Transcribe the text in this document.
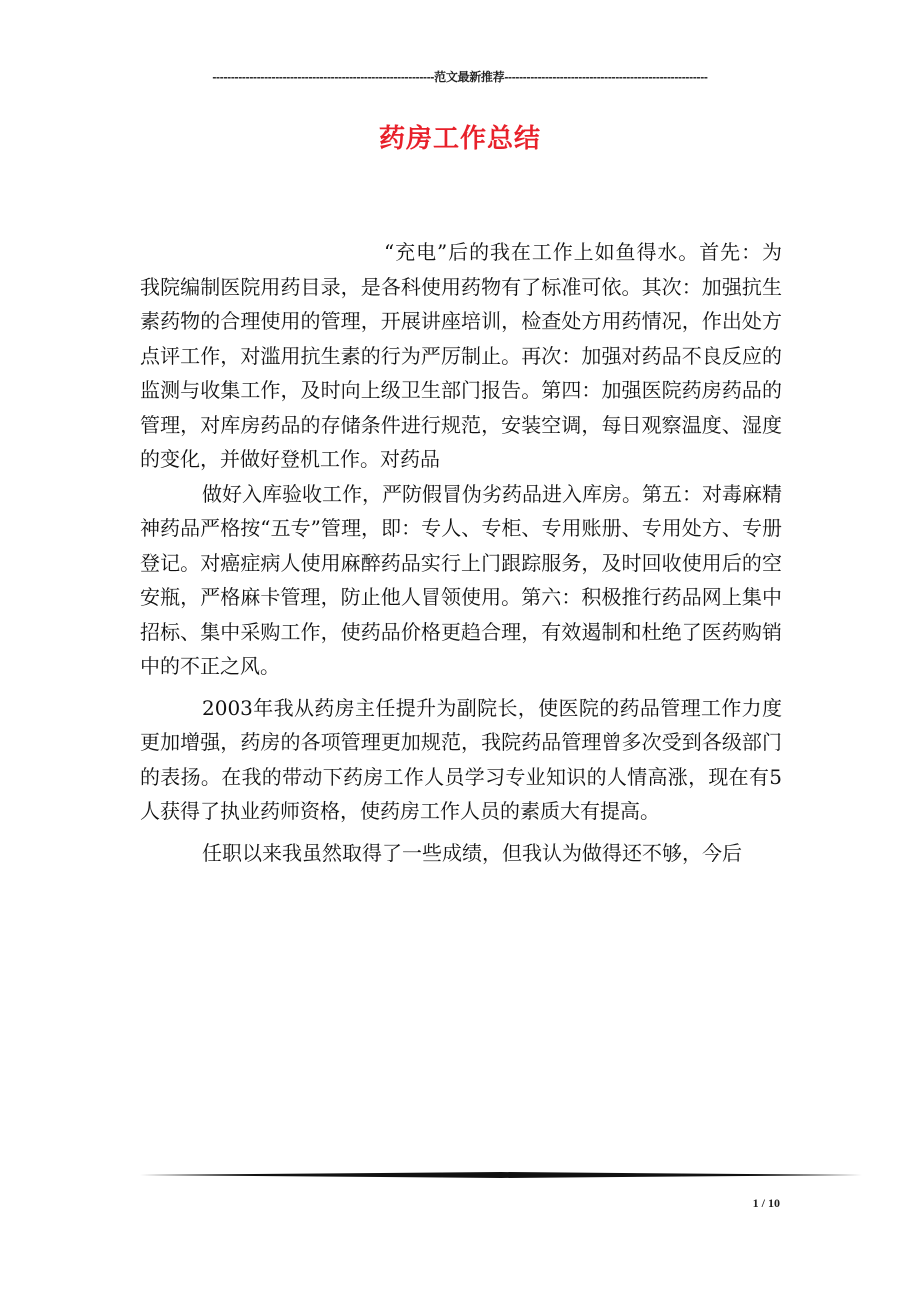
------------------------------------------------------------范文最新推荐-------------------------------------------------------
药房工作总结

“充电”后的我在工作上如鱼得水。首先：为我院编制医院用药目录，是各科使用药物有了标准可依。其次：加强抗生素药物的合理使用的管理，开展讲座培训，检查处方用药情况，作出处方点评工作，对滥用抗生素的行为严厉制止。再次：加强对药品不良反应的监测与收集工作，及时向上级卫生部门报告。第四：加强医院药房药品的管理，对库房药品的存储条件进行规范，安装空调，每日观察温度、湿度的变化，并做好登机工作。对药品

做好入库验收工作，严防假冒伪劣药品进入库房。第五：对毒麻精神药品严格按“五专”管理，即：专人、专柜、专用账册、专用处方、专册登记。对癌症病人使用麻醉药品实行上门跟踪服务，及时回收使用后的空安瓶，严格麻卡管理，防止他人冒领使用。第六：积极推行药品网上集中招标、集中采购工作，使药品价格更趋合理，有效遏制和杜绝了医药购销中的不正之风。

2003年我从药房主任提升为副院长，使医院的药品管理工作力度更加增强，药房的各项管理更加规范，我院药品管理曾多次受到各级部门的表扬。在我的带动下药房工作人员学习专业知识的人情高涨，现在有5人获得了执业药师资格，使药房工作人员的素质大有提高。

任职以来我虽然取得了一些成绩，但我认为做得还不够，今后

1 / 10
